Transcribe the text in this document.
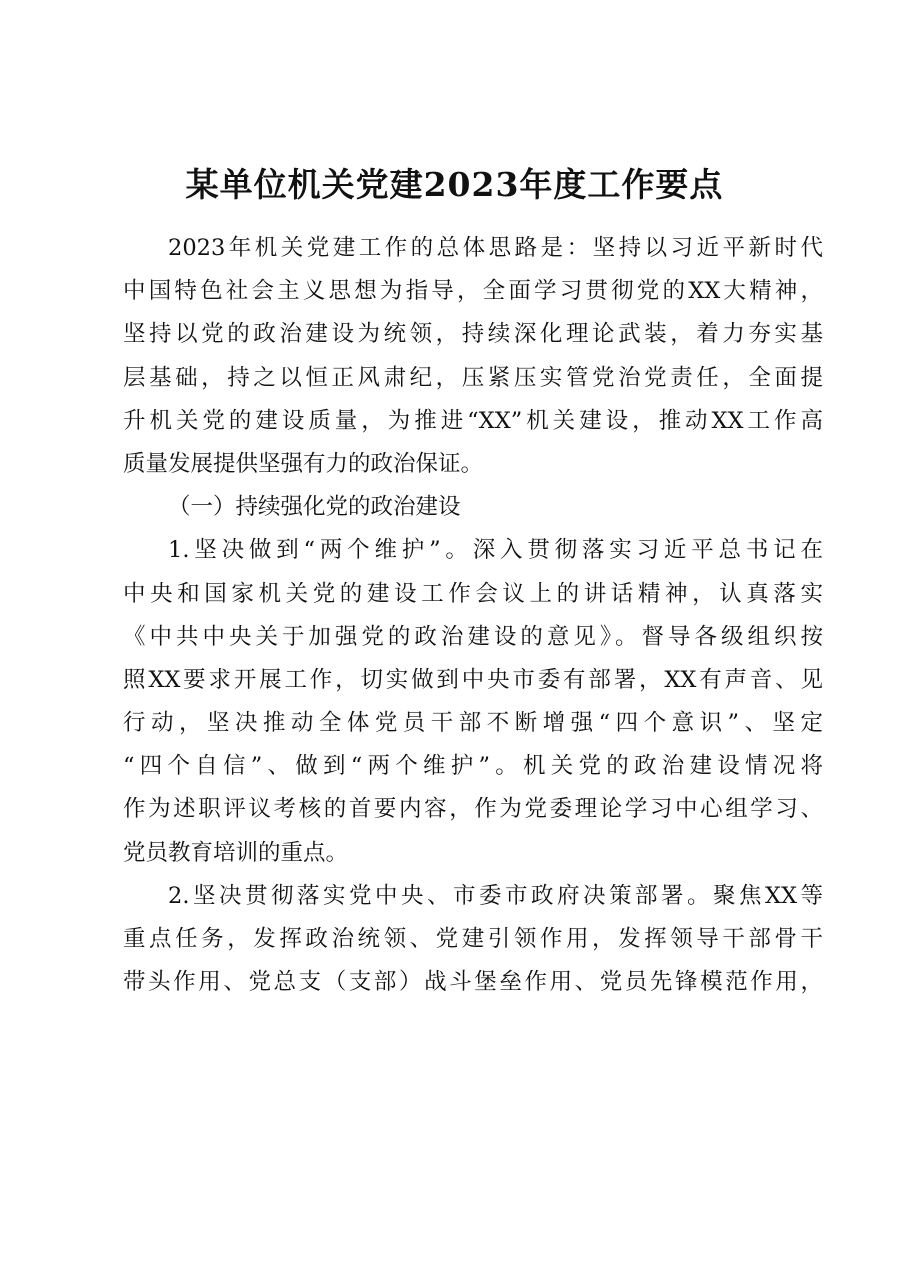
某单位机关党建2023年度工作要点
2023年机关党建工作的总体思路是：坚持以习近平新时代
中国特色社会主义思想为指导，全面学习贯彻党的XX大精神，
坚持以党的政治建设为统领，持续深化理论武装，着力夯实基
层基础，持之以恒正风肃纪，压紧压实管党治党责任，全面提
升机关党的建设质量，为推进“XX”机关建设，推动XX工作高
质量发展提供坚强有力的政治保证。
（一）持续强化党的政治建设
1.坚决做到“两个维护”。深入贯彻落实习近平总书记在
中央和国家机关党的建设工作会议上的讲话精神，认真落实
《中共中央关于加强党的政治建设的意见》。督导各级组织按
照XX要求开展工作，切实做到中央市委有部署，XX有声音、见
行动，坚决推动全体党员干部不断增强“四个意识”、坚定
“四个自信”、做到“两个维护”。机关党的政治建设情况将
作为述职评议考核的首要内容，作为党委理论学习中心组学习、
党员教育培训的重点。
2.坚决贯彻落实党中央、市委市政府决策部署。聚焦XX等
重点任务，发挥政治统领、党建引领作用，发挥领导干部骨干
带头作用、党总支（支部）战斗堡垒作用、党员先锋模范作用，
